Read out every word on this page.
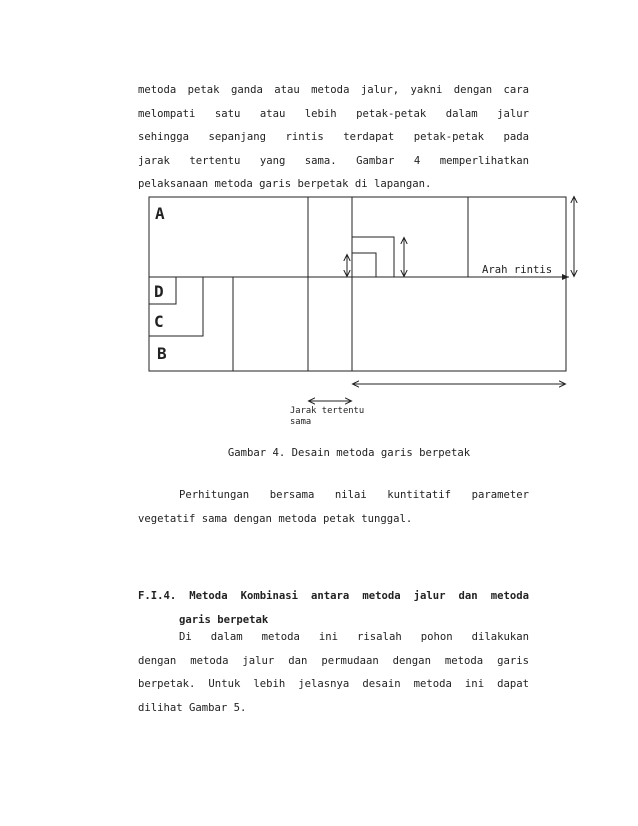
metoda petak ganda atau metoda jalur, yakni dengan cara
melompati satu atau lebih petak-petak dalam jalur
sehingga sepanjang rintis terdapat petak-petak pada
jarak tertentu yang sama. Gambar 4 memperlihatkan
pelaksanaan metoda garis berpetak di lapangan.
A
D
C
B
Arah rintis
Jarak tertentu
sama
Gambar 4. Desain metoda garis berpetak
Perhitungan bersama nilai kuntitatif parameter
vegetatif sama dengan metoda petak tunggal.
F.I.4. Metoda Kombinasi antara metoda jalur dan metoda
garis berpetak
Di dalam metoda ini risalah pohon dilakukan
dengan metoda jalur dan permudaan dengan metoda garis
berpetak. Untuk lebih jelasnya desain metoda ini dapat
dilihat Gambar 5.
